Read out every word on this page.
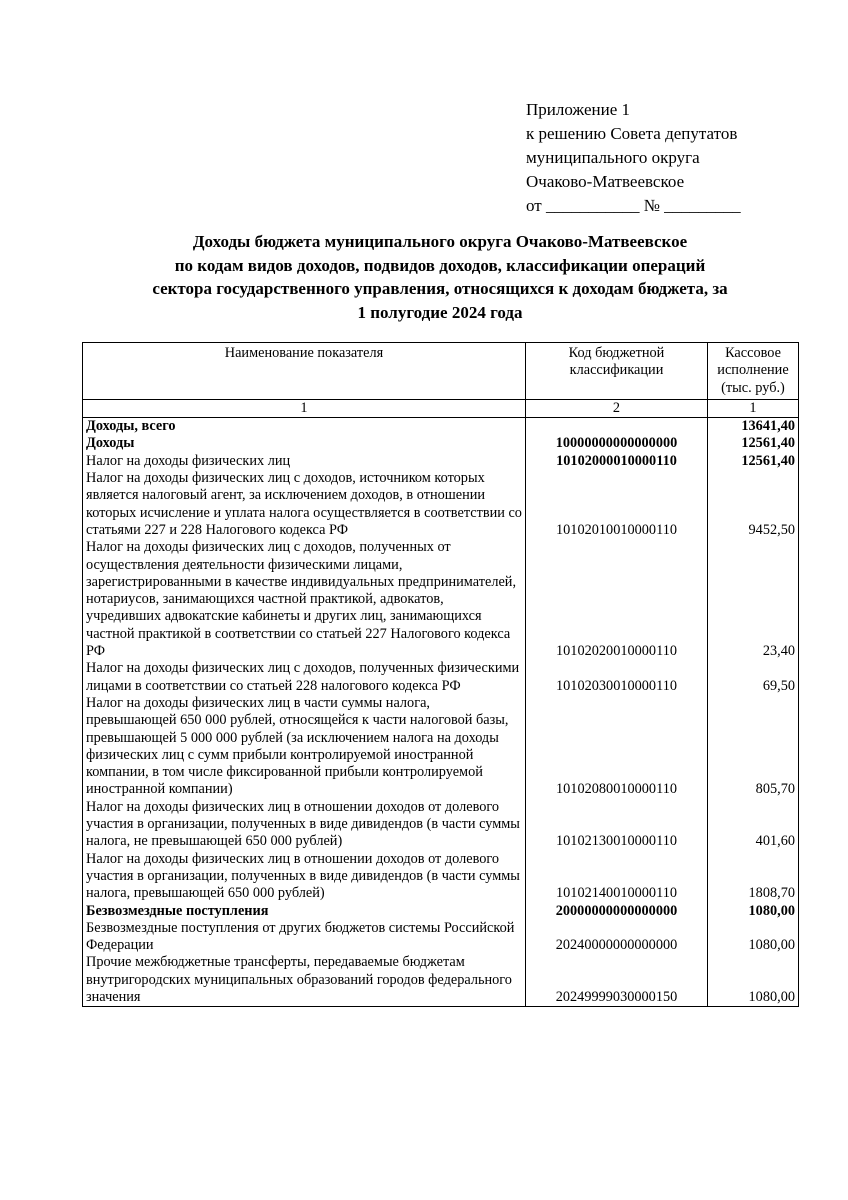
Приложение 1
к решению Совета депутатов
муниципального округа
Очаково-Матвеевское
от ___________ № _________
Доходы бюджета муниципального округа Очаково-Матвеевское
по кодам видов доходов, подвидов доходов, классификации операций
сектора государственного управления, относящихся к доходам бюджета, за
1 полугодие 2024 года
Наименование показателя	Код бюджетной классификации	Кассовое исполнение (тыс. руб.)
1	2	1
Доходы, всего		13641,40
Доходы	10000000000000000	12561,40
Налог на доходы физических лиц	10102000010000110	12561,40
Налог на доходы физических лиц с доходов, источником которых является налоговый агент, за исключением доходов, в отношении которых исчисление и уплата налога осуществляется в соответствии со статьями 227 и 228 Налогового кодекса РФ	10102010010000110	9452,50
Налог на доходы физических лиц с доходов, полученных от осуществления деятельности физическими лицами, зарегистрированными в качестве индивидуальных предпринимателей, нотариусов, занимающихся частной практикой, адвокатов, учредивших адвокатские кабинеты и других лиц, занимающихся частной практикой в соответствии со статьей 227 Налогового кодекса РФ	10102020010000110	23,40
Налог на доходы физических лиц с доходов, полученных физическими лицами в соответствии со статьей 228 налогового кодекса РФ	10102030010000110	69,50
Налог на доходы физических лиц в части суммы налога, превышающей 650 000 рублей, относящейся к части налоговой базы, превышающей 5 000 000 рублей (за исключением налога на доходы физических лиц с сумм прибыли контролируемой иностранной компании, в том числе фиксированной прибыли контролируемой иностранной компании)	10102080010000110	805,70
Налог на доходы физических лиц в отношении доходов от долевого участия в организации, полученных в виде дивидендов (в части суммы налога, не превышающей 650 000 рублей)	10102130010000110	401,60
Налог на доходы физических лиц в отношении доходов от долевого участия в организации, полученных в виде дивидендов (в части суммы налога, превышающей 650 000 рублей)	10102140010000110	1808,70
Безвозмездные поступления	20000000000000000	1080,00
Безвозмездные поступления от других бюджетов системы Российской Федерации	20240000000000000	1080,00
Прочие межбюджетные трансферты, передаваемые бюджетам внутригородских муниципальных образований городов федерального значения	20249999030000150	1080,00
